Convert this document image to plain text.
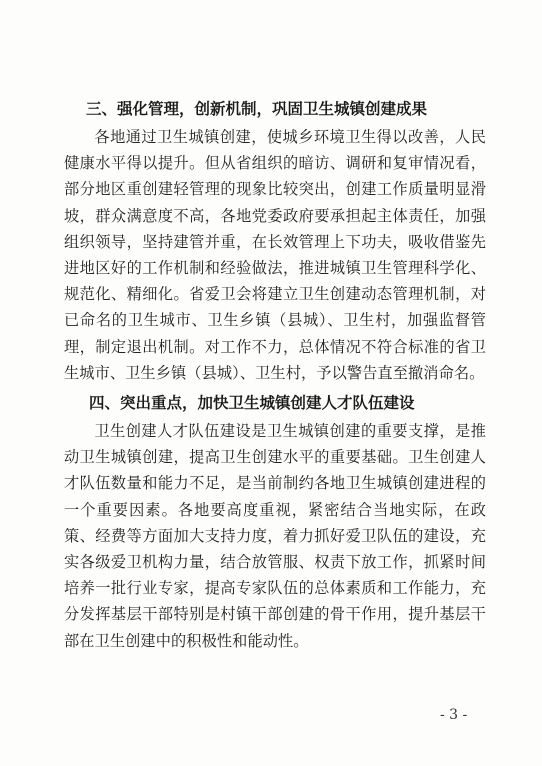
三、强化管理，创新机制，巩固卫生城镇创建成果

各地通过卫生城镇创建，使城乡环境卫生得以改善，人民健康水平得以提升。但从省组织的暗访、调研和复审情况看，部分地区重创建轻管理的现象比较突出，创建工作质量明显滑坡，群众满意度不高，各地党委政府要承担起主体责任，加强组织领导，坚持建管并重，在长效管理上下功夫，吸收借鉴先进地区好的工作机制和经验做法，推进城镇卫生管理科学化、规范化、精细化。省爱卫会将建立卫生创建动态管理机制，对已命名的卫生城市、卫生乡镇（县城）、卫生村，加强监督管理，制定退出机制。对工作不力，总体情况不符合标准的省卫生城市、卫生乡镇（县城）、卫生村，予以警告直至撤消命名。

四、突出重点，加快卫生城镇创建人才队伍建设

卫生创建人才队伍建设是卫生城镇创建的重要支撑，是推动卫生城镇创建，提高卫生创建水平的重要基础。卫生创建人才队伍数量和能力不足，是当前制约各地卫生城镇创建进程的一个重要因素。各地要高度重视，紧密结合当地实际，在政策、经费等方面加大支持力度，着力抓好爱卫队伍的建设，充实各级爱卫机构力量，结合放管服、权责下放工作，抓紧时间培养一批行业专家，提高专家队伍的总体素质和工作能力，充分发挥基层干部特别是村镇干部创建的骨干作用，提升基层干部在卫生创建中的积极性和能动性。

- 3 -
